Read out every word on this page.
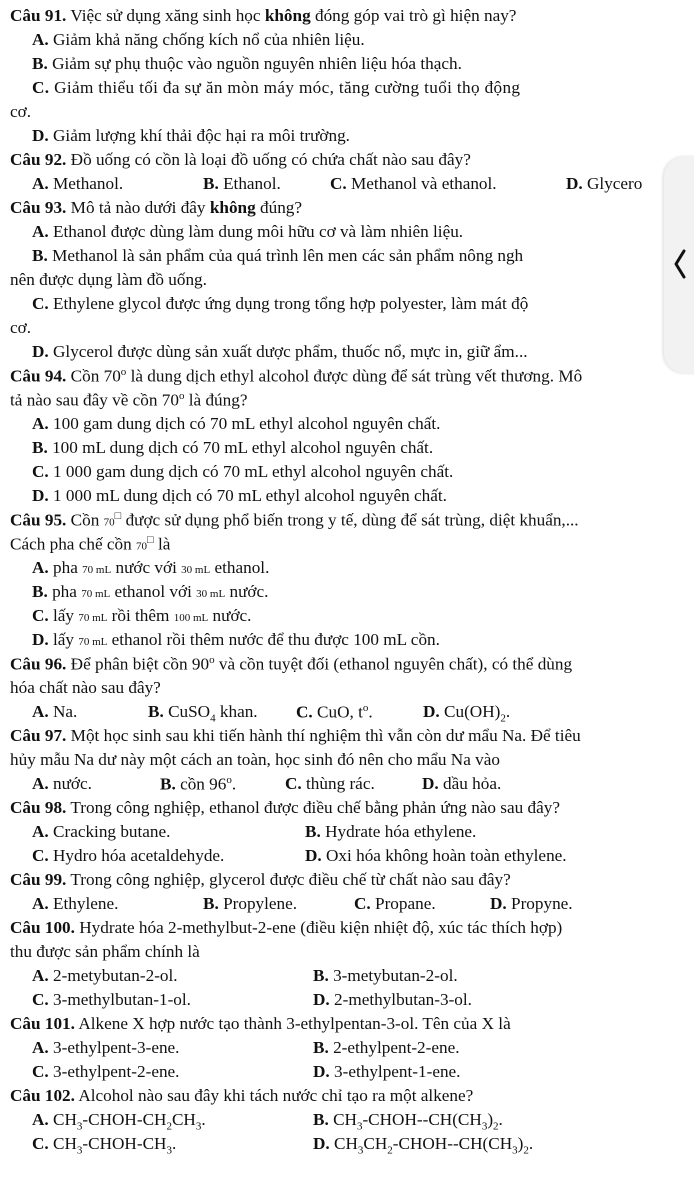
Câu 91. Việc sử dụng xăng sinh học không đóng góp vai trò gì hiện nay?
A. Giảm khả năng chống kích nổ của nhiên liệu.
B. Giảm sự phụ thuộc vào nguồn nguyên nhiên liệu hóa thạch.
C. Giảm thiểu tối đa sự ăn mòn máy móc, tăng cường tuổi thọ động
cơ.
D. Giảm lượng khí thải độc hại ra môi trường.
Câu 92. Đồ uống có cồn là loại đồ uống có chứa chất nào sau đây?
A. Methanol.	B. Ethanol.	C. Methanol và ethanol.	D. Glycero
Câu 93. Mô tả nào dưới đây không đúng?
A. Ethanol được dùng làm dung môi hữu cơ và làm nhiên liệu.
B. Methanol là sản phẩm của quá trình lên men các sản phẩm nông ngh
nên được dụng làm đồ uống.
C. Ethylene glycol được ứng dụng trong tổng hợp polyester, làm mát độ
cơ.
D. Glycerol được dùng sản xuất dược phẩm, thuốc nổ, mực in, giữ ẩm...
Câu 94. Cồn 70$^o$ là dung dịch ethyl alcohol được dùng để sát trùng vết thương. Mô
tả nào sau đây về cồn 70$^o$ là đúng?
A. 100 gam dung dịch có 70 mL ethyl alcohol nguyên chất.
B. 100 mL dung dịch có 70 mL ethyl alcohol nguyên chất.
C. 1 000 gam dung dịch có 70 mL ethyl alcohol nguyên chất.
D. 1 000 mL dung dịch có 70 mL ethyl alcohol nguyên chất.
Câu 95. Cồn 70□ được sử dụng phổ biến trong y tế, dùng để sát trùng, diệt khuẩn,...
Cách pha chế cồn 70□ là
A. pha 70 mL nước với 30 mL ethanol.
B. pha 70 mL ethanol với 30 mL nước.
C. lấy 70 mL rồi thêm 100 mL nước.
D. lấy 70 mL ethanol rồi thêm nước để thu được 100 mL cồn.
Câu 96. Để phân biệt cồn 90$^o$ và cồn tuyệt đối (ethanol nguyên chất), có thể dùng
hóa chất nào sau đây?
A. Na.	B. CuSO$_4$ khan. C. CuO, $t^o$.	D. $Cu(OH)_2$.
Câu 97. Một học sinh sau khi tiến hành thí nghiệm thì vẫn còn dư mẩu Na. Để tiêu
hủy mẫu Na dư này một cách an toàn, học sinh đó nên cho mẩu Na vào
A. nước.	B. cồn 96$^o$.	C. thùng rác.	D. dầu hỏa.
Câu 98. Trong công nghiệp, ethanol được điều chế bằng phản ứng nào sau đây?
A. Cracking butane.	B. Hydrate hóa ethylene.
C. Hydro hóa acetaldehyde.	D. Oxi hóa không hoàn toàn ethylene.
Câu 99. Trong công nghiệp, glycerol được điều chế từ chất nào sau đây?
A. Ethylene.	B. Propylene.	C. Propane.	D. Propyne.
Câu 100. Hydrate hóa 2-methylbut-2-ene (điều kiện nhiệt độ, xúc tác thích hợp)
thu được sản phẩm chính là
A. 2-metybutan-2-ol.	B. 3-metybutan-2-ol.
C. 3-methylbutan-1-ol.	D. 2-methylbutan-3-ol.
Câu 101. Alkene X hợp nước tạo thành 3-ethylpentan-3-ol. Tên của X là
A. 3-ethylpent-3-ene.	B. 2-ethylpent-2-ene.
C. 3-ethylpent-2-ene.	D. 3-ethylpent-1-ene.
Câu 102. Alcohol nào sau đây khi tách nước chỉ tạo ra một alkene?
A. $CH_3-CHOH-CH_2CH_3$.	B. $CH_3-CHOH--CH(CH_3)_2$.
C. $CH_3-CHOH-CH_3$.	D. $CH_3CH_2-CHOH--CH(CH_3)_2$.
